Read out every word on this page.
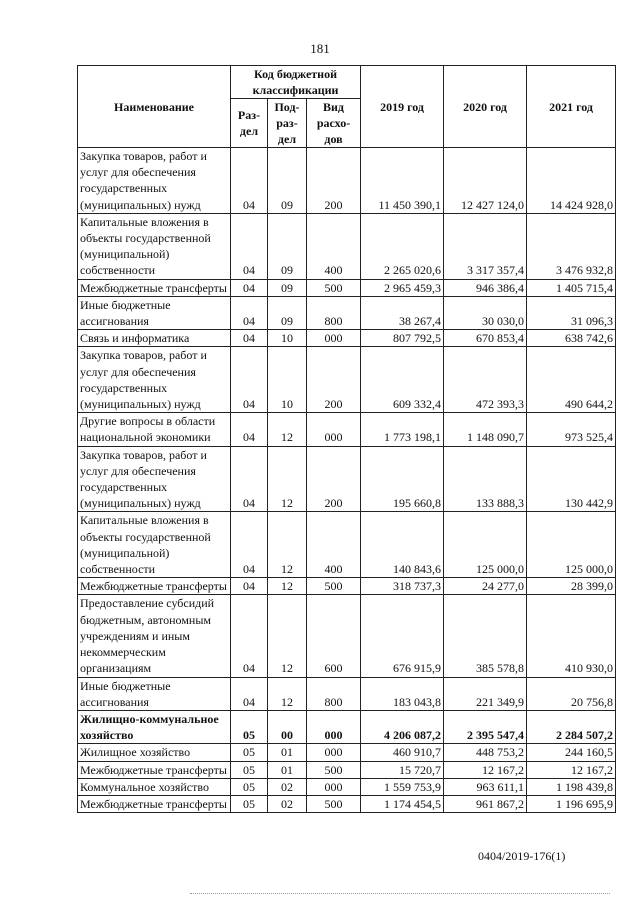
181
Наименование	Код бюджетной классификации			2019 год	2020 год	2021 год
	Раз-дел	Под-раз-дел	Вид расхо-дов			
Закупка товаров, работ и услуг для обеспечения государственных (муниципальных) нужд	04	09	200	11 450 390,1	12 427 124,0	14 424 928,0
Капитальные вложения в объекты государственной (муниципальной) собственности	04	09	400	2 265 020,6	3 317 357,4	3 476 932,8
Межбюджетные трансферты	04	09	500	2 965 459,3	946 386,4	1 405 715,4
Иные бюджетные ассигнования	04	09	800	38 267,4	30 030,0	31 096,3
Связь и информатика	04	10	000	807 792,5	670 853,4	638 742,6
Закупка товаров, работ и услуг для обеспечения государственных (муниципальных) нужд	04	10	200	609 332,4	472 393,3	490 644,2
Другие вопросы в области национальной экономики	04	12	000	1 773 198,1	1 148 090,7	973 525,4
Закупка товаров, работ и услуг для обеспечения государственных (муниципальных) нужд	04	12	200	195 660,8	133 888,3	130 442,9
Капитальные вложения в объекты государственной (муниципальной) собственности	04	12	400	140 843,6	125 000,0	125 000,0
Межбюджетные трансферты	04	12	500	318 737,3	24 277,0	28 399,0
Предоставление субсидий бюджетным, автономным учреждениям и иным некоммерческим организациям	04	12	600	676 915,9	385 578,8	410 930,0
Иные бюджетные ассигнования	04	12	800	183 043,8	221 349,9	20 756,8
Жилищно-коммунальное хозяйство	05	00	000	4 206 087,2	2 395 547,4	2 284 507,2
Жилищное хозяйство	05	01	000	460 910,7	448 753,2	244 160,5
Межбюджетные трансферты	05	01	500	15 720,7	12 167,2	12 167,2
Коммунальное хозяйство	05	02	000	1 559 753,9	963 611,1	1 198 439,8
Межбюджетные трансферты	05	02	500	1 174 454,5	961 867,2	1 196 695,9
0404/2019-176(1)
